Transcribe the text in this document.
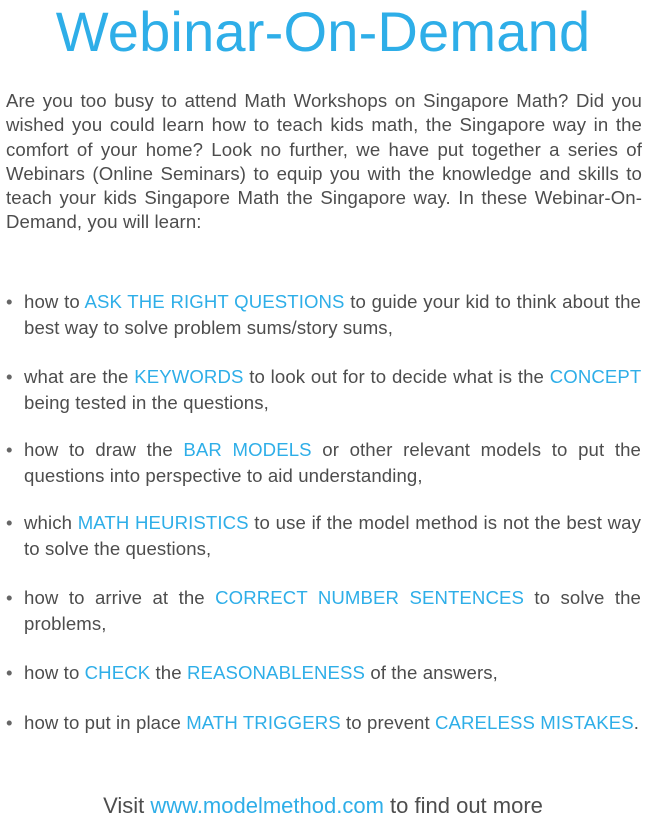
Webinar-On-Demand

Are you too busy to attend Math Workshops on Singapore Math? Did you wished you could learn how to teach kids math, the Singapore way in the comfort of your home? Look no further, we have put together a series of Webinars (Online Seminars) to equip you with the knowledge and skills to teach your kids Singapore Math the Singapore way. In these Webinar-On-Demand, you will learn:

• how to ASK THE RIGHT QUESTIONS to guide your kid to think about the best way to solve problem sums/story sums,
• what are the KEYWORDS to look out for to decide what is the CONCEPT being tested in the questions,
• how to draw the BAR MODELS or other relevant models to put the questions into perspective to aid understanding,
• which MATH HEURISTICS to use if the model method is not the best way to solve the questions,
• how to arrive at the CORRECT NUMBER SENTENCES to solve the problems,
• how to CHECK the REASONABLENESS of the answers,
• how to put in place MATH TRIGGERS to prevent CARELESS MISTAKES.

Visit www.modelmethod.com to find out more
